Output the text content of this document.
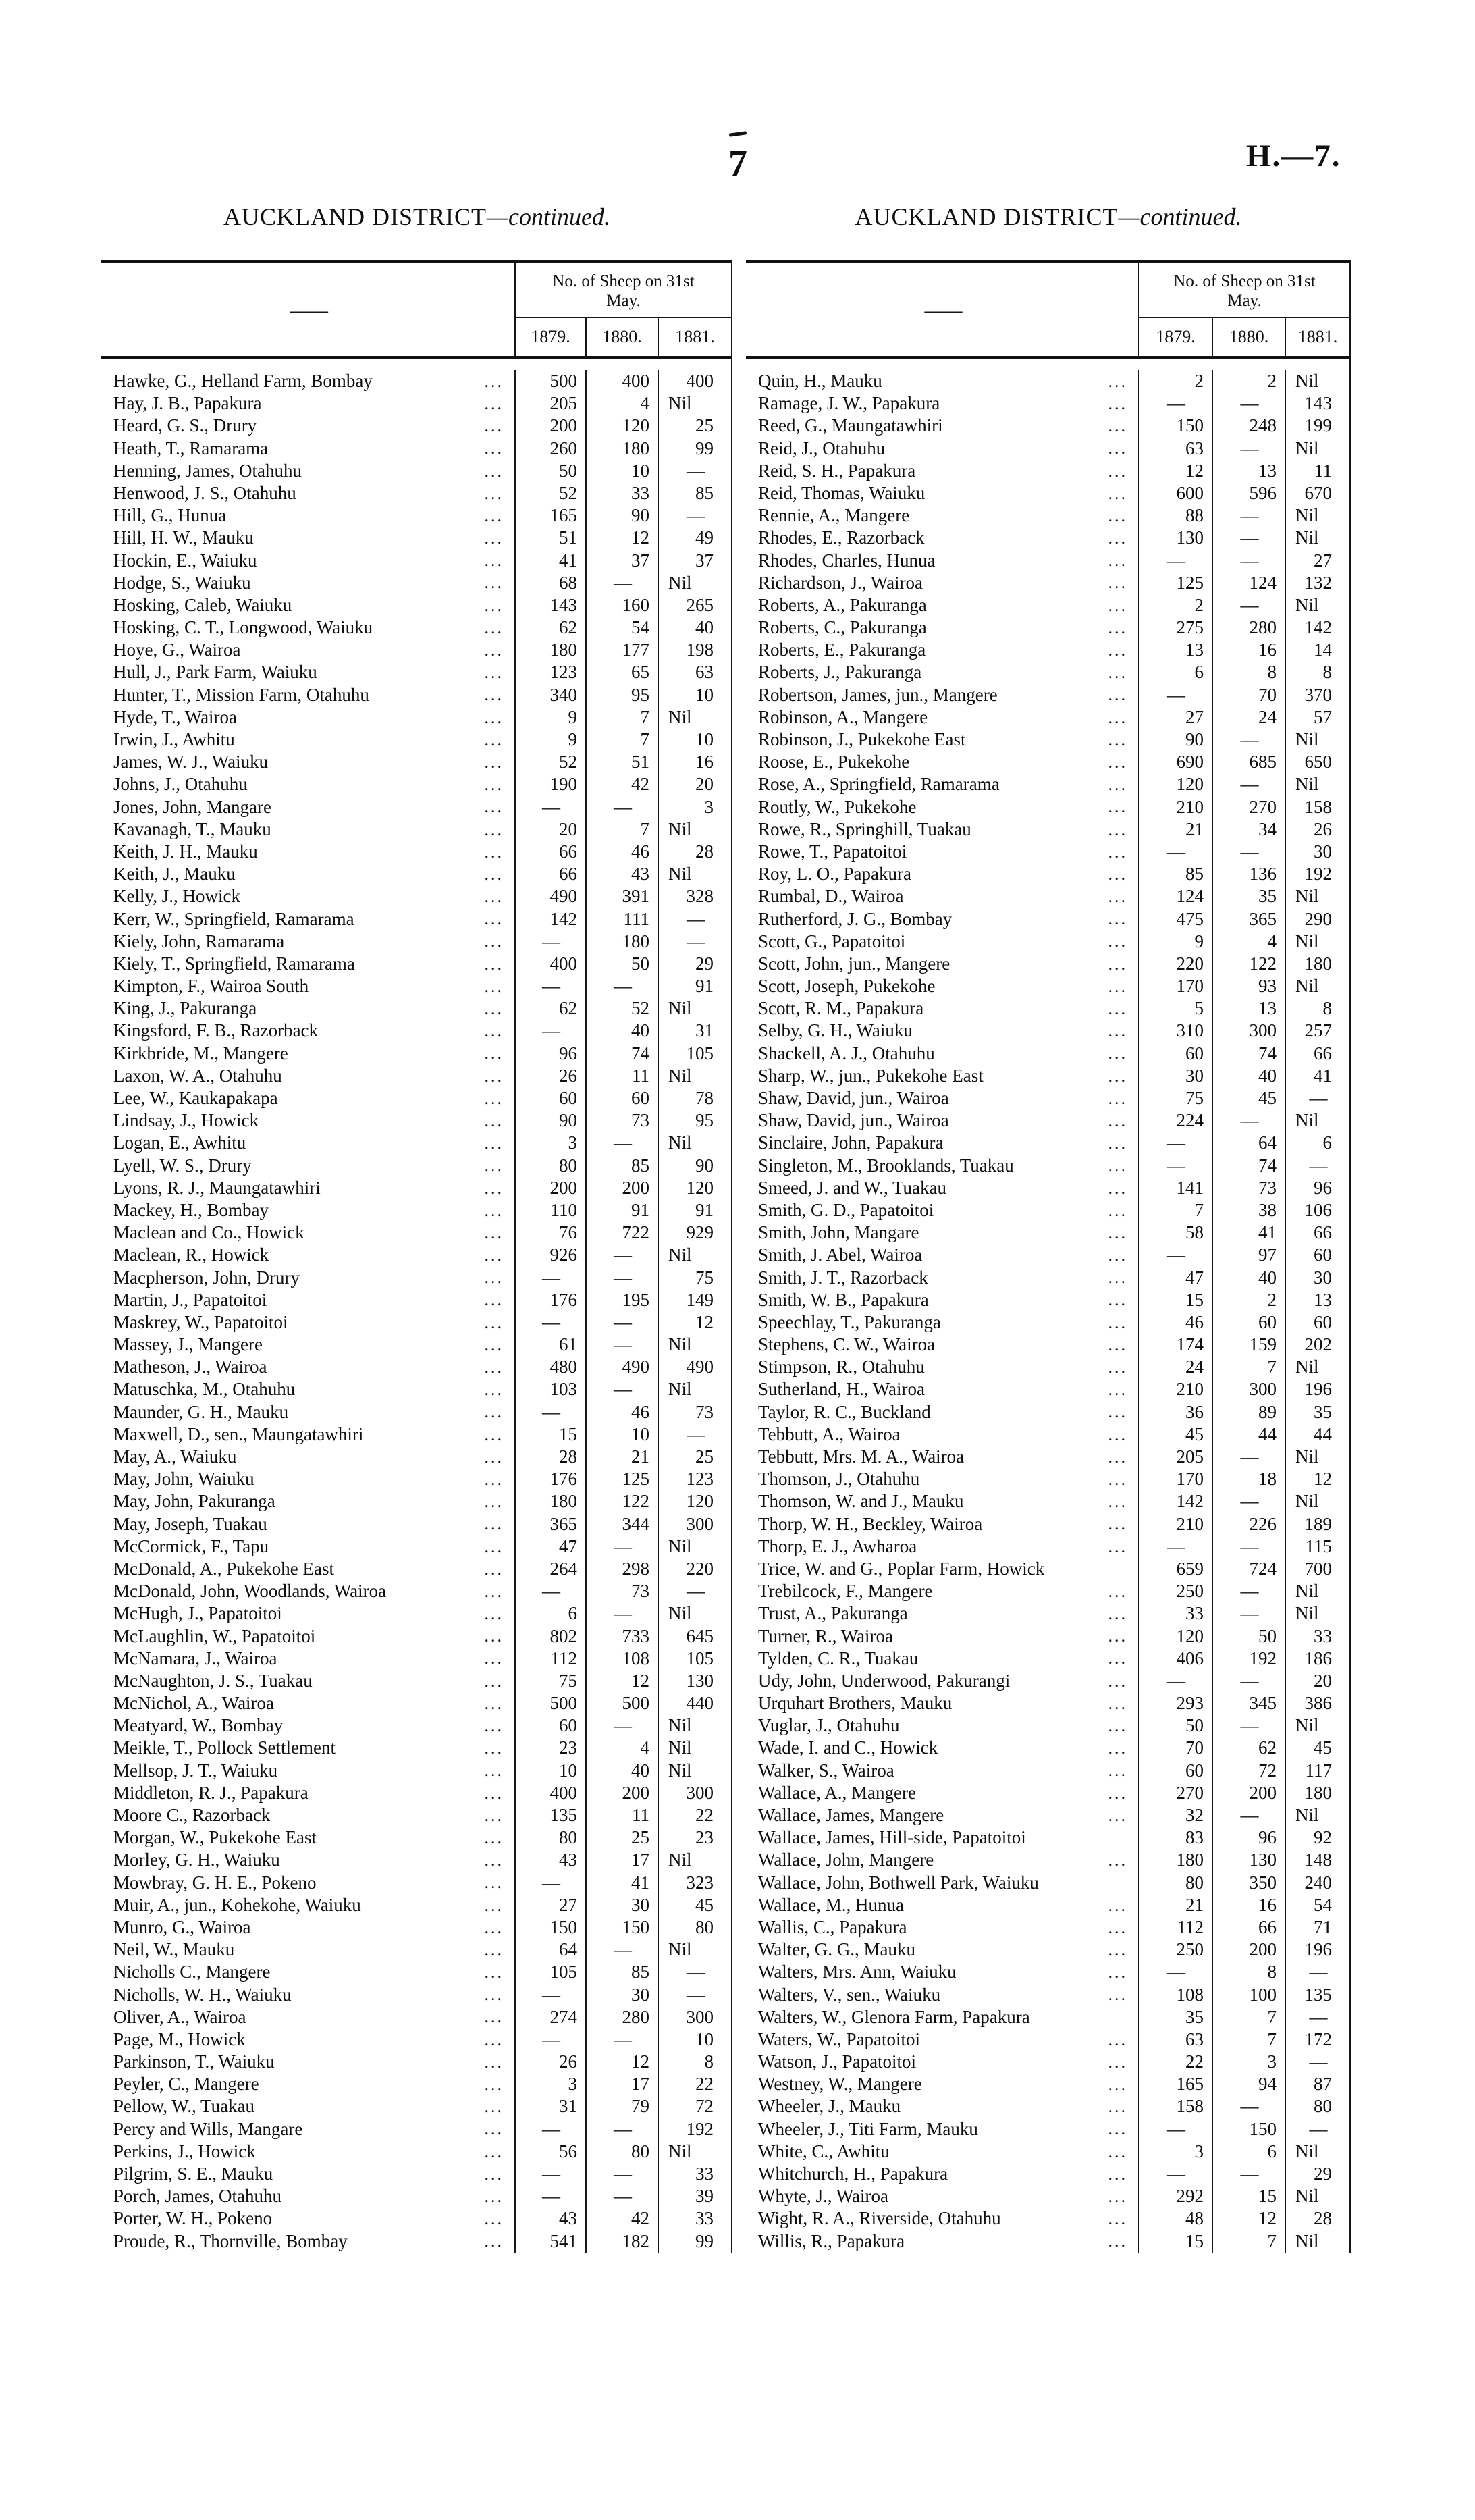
7	H.—7.
AUCKLAND DISTRICT—continued.
——
No. of Sheep on 31st May.
1879.	1880.	1881.
Hawke, G., Helland Farm, Bombay	...	500	400	400
Hay, J. B., Papakura	...	205	4	Nil
Heard, G. S., Drury	...	200	120	25
Heath, T., Ramarama	...	260	180	99
Henning, James, Otahuhu	...	50	10	—
Henwood, J. S., Otahuhu	...	52	33	85
Hill, G., Hunua	...	165	90	—
Hill, H. W., Mauku	...	51	12	49
Hockin, E., Waiuku	...	41	37	37
Hodge, S., Waiuku	...	68	—	Nil
Hosking, Caleb, Waiuku	...	143	160	265
Hosking, C. T., Longwood, Waiuku	...	62	54	40
Hoye, G., Wairoa	...	180	177	198
Hull, J., Park Farm, Waiuku	...	123	65	63
Hunter, T., Mission Farm, Otahuhu	...	340	95	10
Hyde, T., Wairoa	...	9	7	Nil
Irwin, J., Awhitu	...	9	7	10
James, W. J., Waiuku	...	52	51	16
Johns, J., Otahuhu	...	190	42	20
Jones, John, Mangare	...	—	—	3
Kavanagh, T., Mauku	...	20	7	Nil
Keith, J. H., Mauku	...	66	46	28
Keith, J., Mauku	...	66	43	Nil
Kelly, J., Howick	...	490	391	328
Kerr, W., Springfield, Ramarama	...	142	111	—
Kiely, John, Ramarama	...	—	180	—
Kiely, T., Springfield, Ramarama	...	400	50	29
Kimpton, F., Wairoa South	...	—	—	91
King, J., Pakuranga	...	62	52	Nil
Kingsford, F. B., Razorback	...	—	40	31
Kirkbride, M., Mangere	...	96	74	105
Laxon, W. A., Otahuhu	...	26	11	Nil
Lee, W., Kaukapakapa	...	60	60	78
Lindsay, J., Howick	...	90	73	95
Logan, E., Awhitu	...	3	—	Nil
Lyell, W. S., Drury	...	80	85	90
Lyons, R. J., Maungatawhiri	...	200	200	120
Mackey, H., Bombay	...	110	91	91
Maclean and Co., Howick	...	76	722	929
Maclean, R., Howick	...	926	—	Nil
Macpherson, John, Drury	...	—	—	75
Martin, J., Papatoitoi	...	176	195	149
Maskrey, W., Papatoitoi	...	—	—	12
Massey, J., Mangere	...	61	—	Nil
Matheson, J., Wairoa	...	480	490	490
Matuschka, M., Otahuhu	...	103	—	Nil
Maunder, G. H., Mauku	...	—	46	73
Maxwell, D., sen., Maungatawhiri	...	15	10	—
May, A., Waiuku	...	28	21	25
May, John, Waiuku	...	176	125	123
May, John, Pakuranga	...	180	122	120
May, Joseph, Tuakau	...	365	344	300
McCormick, F., Tapu	...	47	—	Nil
McDonald, A., Pukekohe East	...	264	298	220
McDonald, John, Woodlands, Wairoa	...	—	73	—
McHugh, J., Papatoitoi	...	6	—	Nil
McLaughlin, W., Papatoitoi	...	802	733	645
McNamara, J., Wairoa	...	112	108	105
McNaughton, J. S., Tuakau	...	75	12	130
McNichol, A., Wairoa	...	500	500	440
Meatyard, W., Bombay	...	60	—	Nil
Meikle, T., Pollock Settlement	...	23	4	Nil
Mellsop, J. T., Waiuku	...	10	40	Nil
Middleton, R. J., Papakura	...	400	200	300
Moore C., Razorback	...	135	11	22
Morgan, W., Pukekohe East	...	80	25	23
Morley, G. H., Waiuku	...	43	17	Nil
Mowbray, G. H. E., Pokeno	...	—	41	323
Muir, A., jun., Kohekohe, Waiuku	...	27	30	45
Munro, G., Wairoa	...	150	150	80
Neil, W., Mauku	...	64	—	Nil
Nicholls C., Mangere	...	105	85	—
Nicholls, W. H., Waiuku	...	—	30	—
Oliver, A., Wairoa	...	274	280	300
Page, M., Howick	...	—	—	10
Parkinson, T., Waiuku	...	26	12	8
Peyler, C., Mangere	...	3	17	22
Pellow, W., Tuakau	...	31	79	72
Percy and Wills, Mangare	...	—	—	192
Perkins, J., Howick	...	56	80	Nil
Pilgrim, S. E., Mauku	...	—	—	33
Porch, James, Otahuhu	...	—	—	39
Porter, W. H., Pokeno	...	43	42	33
Proude, R., Thornville, Bombay	...	541	182	99
AUCKLAND DISTRICT—continued.
——
No. of Sheep on 31st May.
1879.	1880.	1881.
Quin, H., Mauku	...	2	2	Nil
Ramage, J. W., Papakura	...	—	—	143
Reed, G., Maungatawhiri	...	150	248	199
Reid, J., Otahuhu	...	63	—	Nil
Reid, S. H., Papakura	...	12	13	11
Reid, Thomas, Waiuku	...	600	596	670
Rennie, A., Mangere	...	88	—	Nil
Rhodes, E., Razorback	...	130	—	Nil
Rhodes, Charles, Hunua	...	—	—	27
Richardson, J., Wairoa	...	125	124	132
Roberts, A., Pakuranga	...	2	—	Nil
Roberts, C., Pakuranga	...	275	280	142
Roberts, E., Pakuranga	...	13	16	14
Roberts, J., Pakuranga	...	6	8	8
Robertson, James, jun., Mangere	...	—	70	370
Robinson, A., Mangere	...	27	24	57
Robinson, J., Pukekohe East	...	90	—	Nil
Roose, E., Pukekohe	...	690	685	650
Rose, A., Springfield, Ramarama	...	120	—	Nil
Routly, W., Pukekohe	...	210	270	158
Rowe, R., Springhill, Tuakau	...	21	34	26
Rowe, T., Papatoitoi	...	—	—	30
Roy, L. O., Papakura	...	85	136	192
Rumbal, D., Wairoa	...	124	35	Nil
Rutherford, J. G., Bombay	...	475	365	290
Scott, G., Papatoitoi	...	9	4	Nil
Scott, John, jun., Mangere	...	220	122	180
Scott, Joseph, Pukekohe	...	170	93	Nil
Scott, R. M., Papakura	...	5	13	8
Selby, G. H., Waiuku	...	310	300	257
Shackell, A. J., Otahuhu	...	60	74	66
Sharp, W., jun., Pukekohe East	...	30	40	41
Shaw, David, jun., Wairoa	...	75	45	—
Shaw, David, jun., Wairoa	...	224	—	Nil
Sinclaire, John, Papakura	...	—	64	6
Singleton, M., Brooklands, Tuakau	...	—	74	—
Smeed, J. and W., Tuakau	...	141	73	96
Smith, G. D., Papatoitoi	...	7	38	106
Smith, John, Mangare	...	58	41	66
Smith, J. Abel, Wairoa	...	—	97	60
Smith, J. T., Razorback	...	47	40	30
Smith, W. B., Papakura	...	15	2	13
Speechlay, T., Pakuranga	...	46	60	60
Stephens, C. W., Wairoa	...	174	159	202
Stimpson, R., Otahuhu	...	24	7	Nil
Sutherland, H., Wairoa	...	210	300	196
Taylor, R. C., Buckland	...	36	89	35
Tebbutt, A., Wairoa	...	45	44	44
Tebbutt, Mrs. M. A., Wairoa	...	205	—	Nil
Thomson, J., Otahuhu	...	170	18	12
Thomson, W. and J., Mauku	...	142	—	Nil
Thorp, W. H., Beckley, Wairoa	...	210	226	189
Thorp, E. J., Awharoa	...	—	—	115
Trice, W. and G., Poplar Farm, Howick	659	724	700
Trebilcock, F., Mangere	...	250	—	Nil
Trust, A., Pakuranga	...	33	—	Nil
Turner, R., Wairoa	...	120	50	33
Tylden, C. R., Tuakau	...	406	192	186
Udy, John, Underwood, Pakurangi	...	—	—	20
Urquhart Brothers, Mauku	...	293	345	386
Vuglar, J., Otahuhu	...	50	—	Nil
Wade, I. and C., Howick	...	70	62	45
Walker, S., Wairoa	...	60	72	117
Wallace, A., Mangere	...	270	200	180
Wallace, James, Mangere	...	32	—	Nil
Wallace, James, Hill-side, Papatoitoi	83	96	92
Wallace, John, Mangere	...	180	130	148
Wallace, John, Bothwell Park, Waiuku	80	350	240
Wallace, M., Hunua	...	21	16	54
Wallis, C., Papakura	...	112	66	71
Walter, G. G., Mauku	...	250	200	196
Walters, Mrs. Ann, Waiuku	...	—	8	—
Walters, V., sen., Waiuku	...	108	100	135
Walters, W., Glenora Farm, Papakura	35	7	—
Waters, W., Papatoitoi	...	63	7	172
Watson, J., Papatoitoi	...	22	3	—
Westney, W., Mangere	...	165	94	87
Wheeler, J., Mauku	...	158	—	80
Wheeler, J., Titi Farm, Mauku	...	—	150	—
White, C., Awhitu	...	3	6	Nil
Whitchurch, H., Papakura	...	—	—	29
Whyte, J., Wairoa	...	292	15	Nil
Wight, R. A., Riverside, Otahuhu	...	48	12	28
Willis, R., Papakura	...	15	7	Nil
